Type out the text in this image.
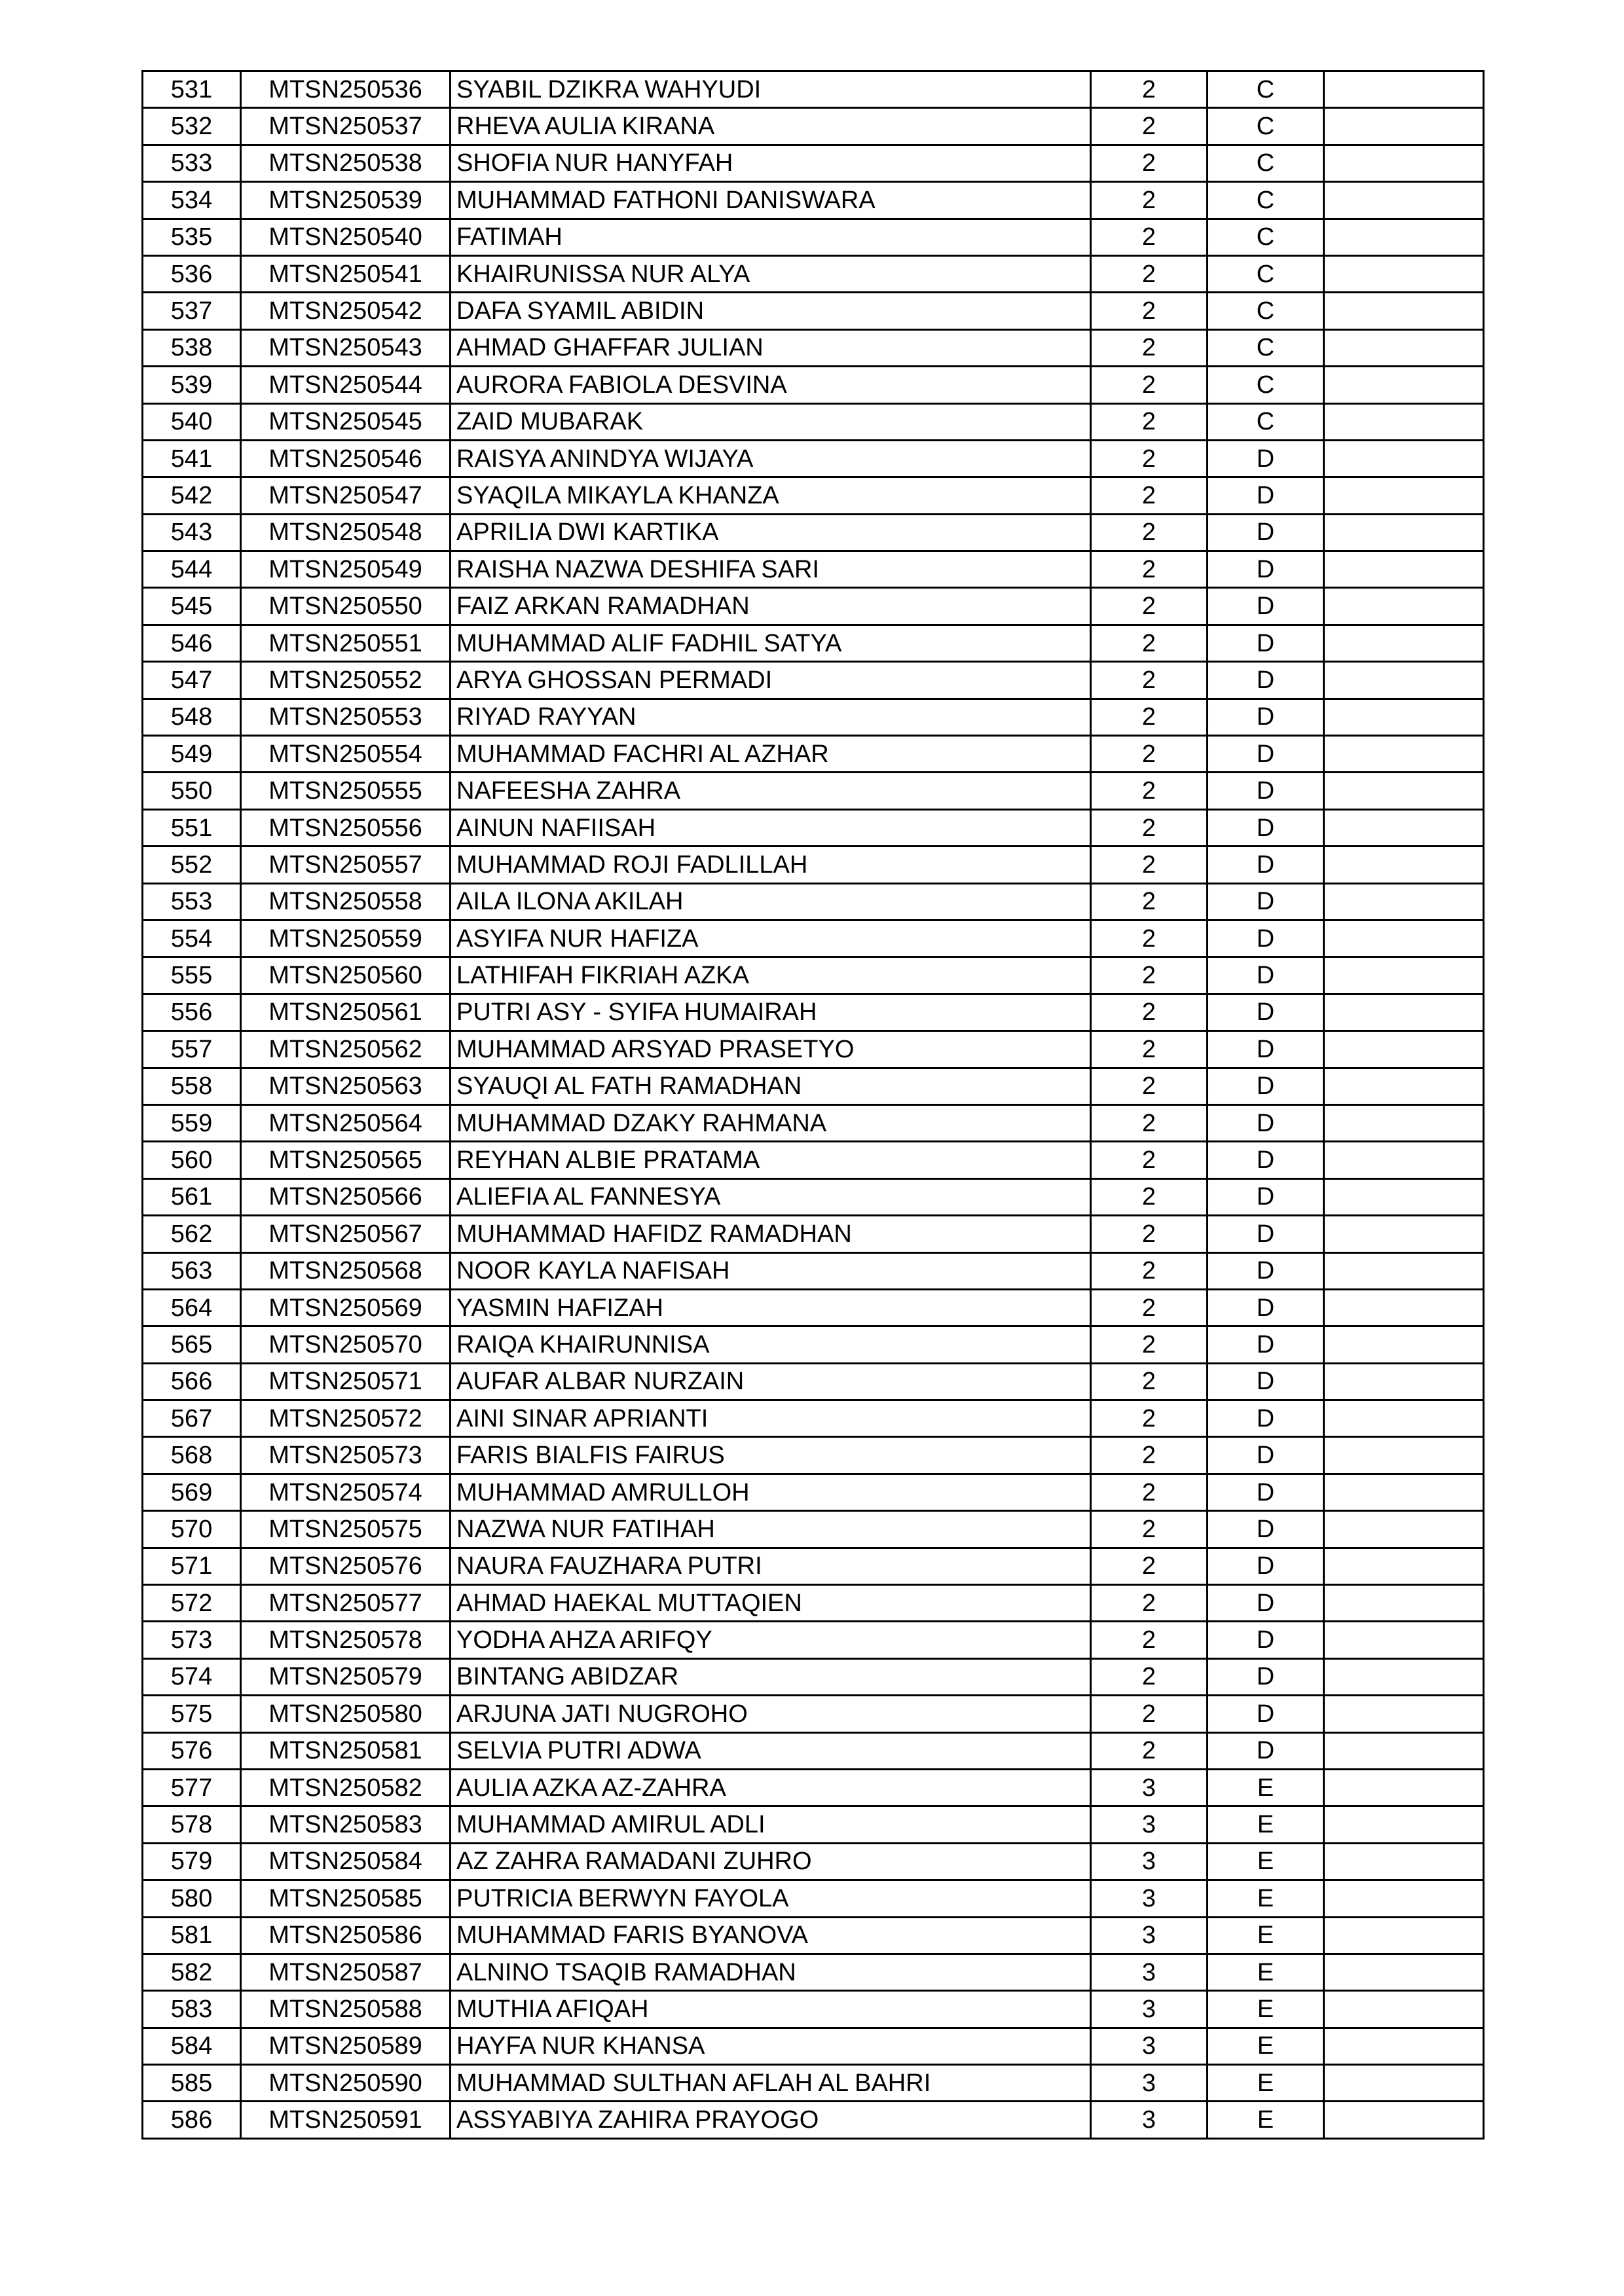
531	MTSN250536	SYABIL DZIKRA WAHYUDI	2	C	
532	MTSN250537	RHEVA AULIA KIRANA	2	C	
533	MTSN250538	SHOFIA NUR HANYFAH	2	C	
534	MTSN250539	MUHAMMAD FATHONI DANISWARA	2	C	
535	MTSN250540	FATIMAH	2	C	
536	MTSN250541	KHAIRUNISSA NUR ALYA	2	C	
537	MTSN250542	DAFA SYAMIL ABIDIN	2	C	
538	MTSN250543	AHMAD GHAFFAR JULIAN	2	C	
539	MTSN250544	AURORA FABIOLA DESVINA	2	C	
540	MTSN250545	ZAID MUBARAK	2	C	
541	MTSN250546	RAISYA ANINDYA WIJAYA	2	D	
542	MTSN250547	SYAQILA MIKAYLA KHANZA	2	D	
543	MTSN250548	APRILIA DWI KARTIKA	2	D	
544	MTSN250549	RAISHA NAZWA DESHIFA SARI	2	D	
545	MTSN250550	FAIZ ARKAN RAMADHAN	2	D	
546	MTSN250551	MUHAMMAD ALIF FADHIL SATYA	2	D	
547	MTSN250552	ARYA GHOSSAN PERMADI	2	D	
548	MTSN250553	RIYAD RAYYAN	2	D	
549	MTSN250554	MUHAMMAD FACHRI AL AZHAR	2	D	
550	MTSN250555	NAFEESHA ZAHRA	2	D	
551	MTSN250556	AINUN NAFIISAH	2	D	
552	MTSN250557	MUHAMMAD ROJI FADLILLAH	2	D	
553	MTSN250558	AILA ILONA AKILAH	2	D	
554	MTSN250559	ASYIFA NUR HAFIZA	2	D	
555	MTSN250560	LATHIFAH FIKRIAH AZKA	2	D	
556	MTSN250561	PUTRI ASY - SYIFA HUMAIRAH	2	D	
557	MTSN250562	MUHAMMAD ARSYAD PRASETYO	2	D	
558	MTSN250563	SYAUQI AL FATH RAMADHAN	2	D	
559	MTSN250564	MUHAMMAD DZAKY RAHMANA	2	D	
560	MTSN250565	REYHAN ALBIE PRATAMA	2	D	
561	MTSN250566	ALIEFIA AL FANNESYA	2	D	
562	MTSN250567	MUHAMMAD HAFIDZ RAMADHAN	2	D	
563	MTSN250568	NOOR KAYLA NAFISAH	2	D	
564	MTSN250569	YASMIN HAFIZAH	2	D	
565	MTSN250570	RAIQA KHAIRUNNISA	2	D	
566	MTSN250571	AUFAR ALBAR NURZAIN	2	D	
567	MTSN250572	AINI SINAR APRIANTI	2	D	
568	MTSN250573	FARIS BIALFIS FAIRUS	2	D	
569	MTSN250574	MUHAMMAD AMRULLOH	2	D	
570	MTSN250575	NAZWA NUR FATIHAH	2	D	
571	MTSN250576	NAURA FAUZHARA PUTRI	2	D	
572	MTSN250577	AHMAD HAEKAL MUTTAQIEN	2	D	
573	MTSN250578	YODHA AHZA ARIFQY	2	D	
574	MTSN250579	BINTANG ABIDZAR	2	D	
575	MTSN250580	ARJUNA JATI NUGROHO	2	D	
576	MTSN250581	SELVIA PUTRI ADWA	2	D	
577	MTSN250582	AULIA AZKA AZ-ZAHRA	3	E	
578	MTSN250583	MUHAMMAD AMIRUL ADLI	3	E	
579	MTSN250584	AZ ZAHRA RAMADANI ZUHRO	3	E	
580	MTSN250585	PUTRICIA BERWYN FAYOLA	3	E	
581	MTSN250586	MUHAMMAD FARIS BYANOVA	3	E	
582	MTSN250587	ALNINO TSAQIB RAMADHAN	3	E	
583	MTSN250588	MUTHIA AFIQAH	3	E	
584	MTSN250589	HAYFA NUR KHANSA	3	E	
585	MTSN250590	MUHAMMAD SULTHAN AFLAH AL BAHRI	3	E	
586	MTSN250591	ASSYABIYA ZAHIRA PRAYOGO	3	E	
